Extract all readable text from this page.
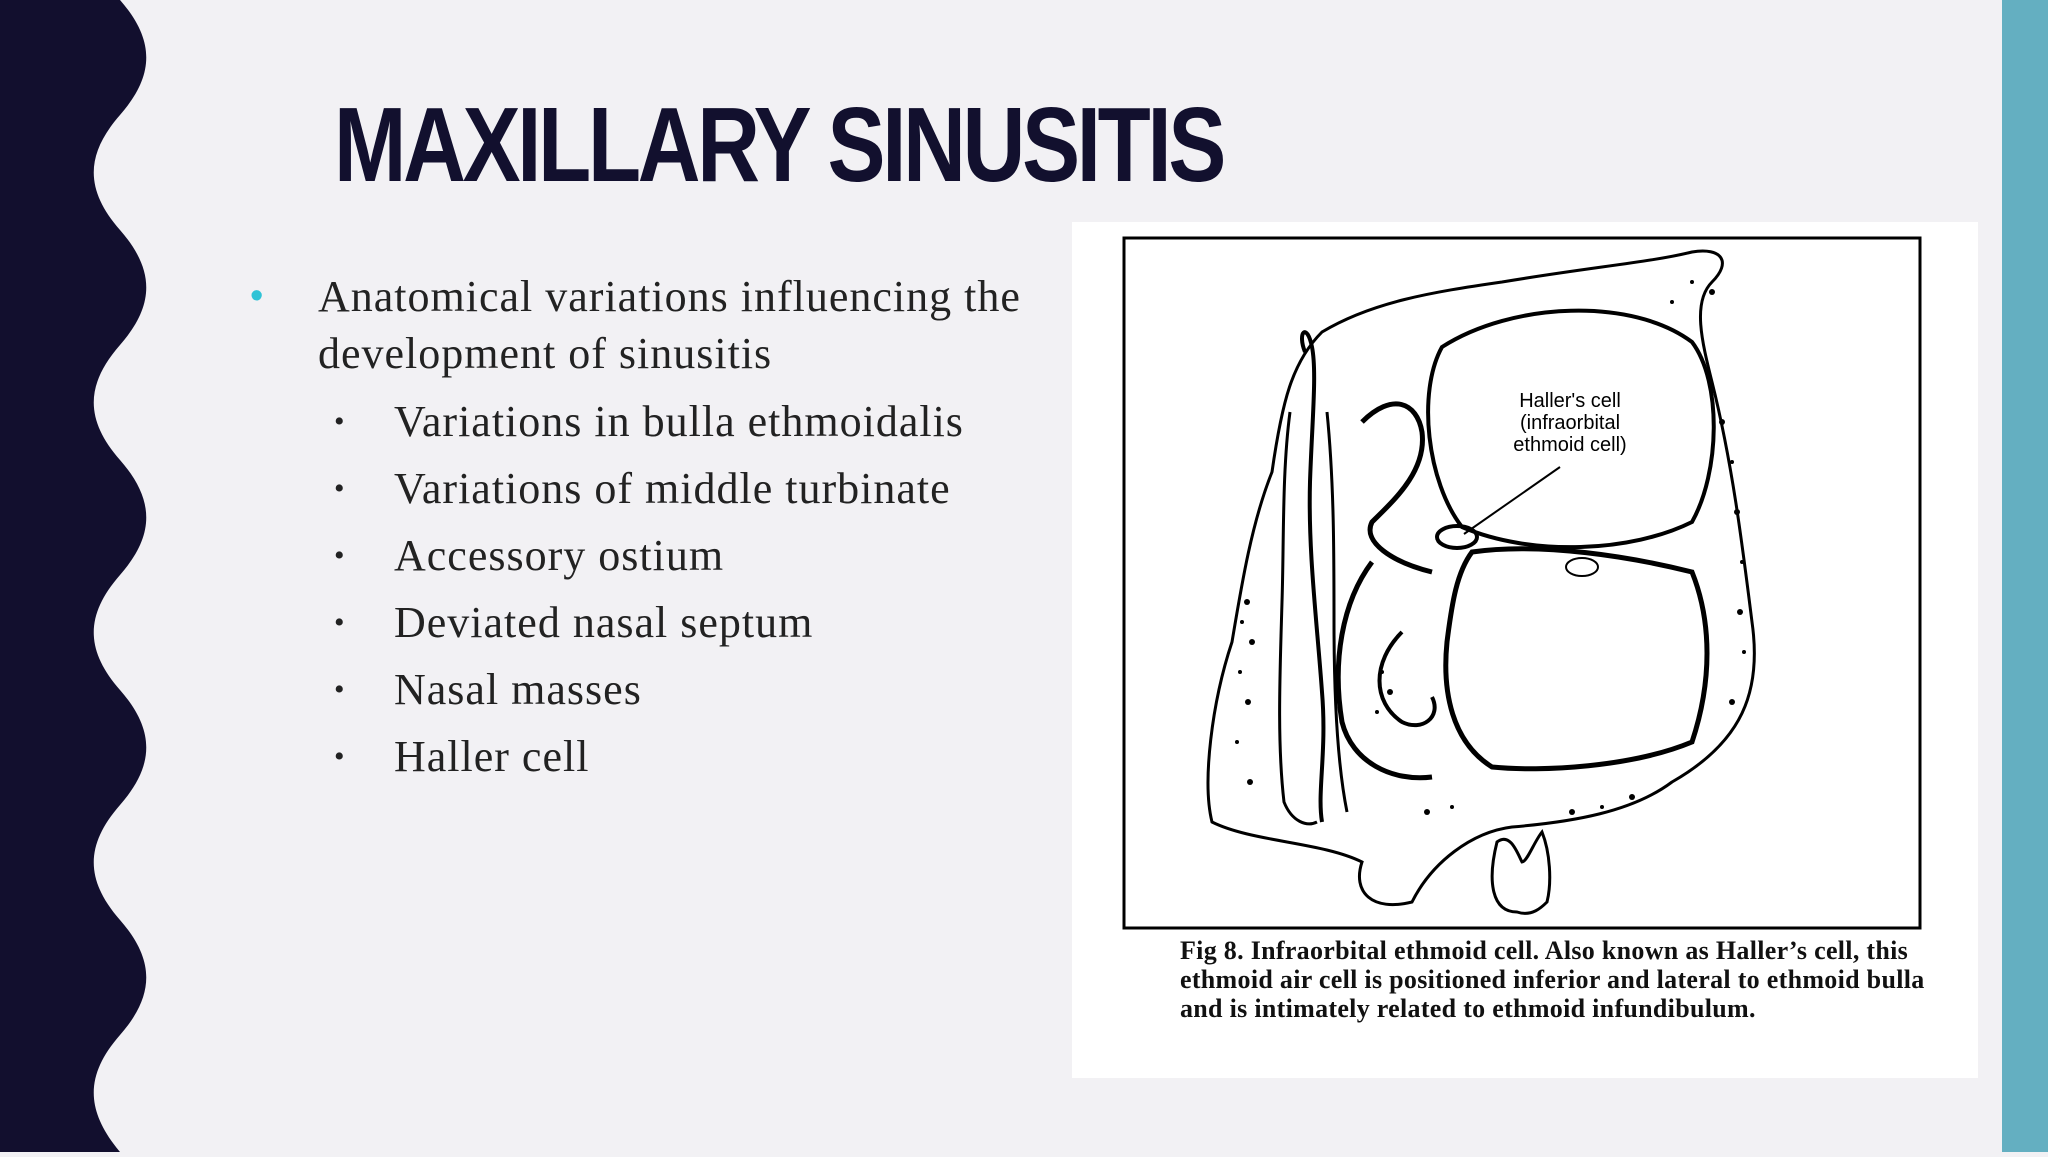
MAXILLARY SINUSITIS
• Anatomical variations influencing the development of sinusitis
• Variations in bulla ethmoidalis
• Variations of middle turbinate
• Accessory ostium
• Deviated nasal septum
• Nasal masses
• Haller cell
Haller's cell
(infraorbital
ethmoid cell)

Fig 8. Infraorbital ethmoid cell. Also known as Haller’s cell, this ethmoid air cell is positioned inferior and lateral to ethmoid bulla and is intimately related to ethmoid infundibulum.
